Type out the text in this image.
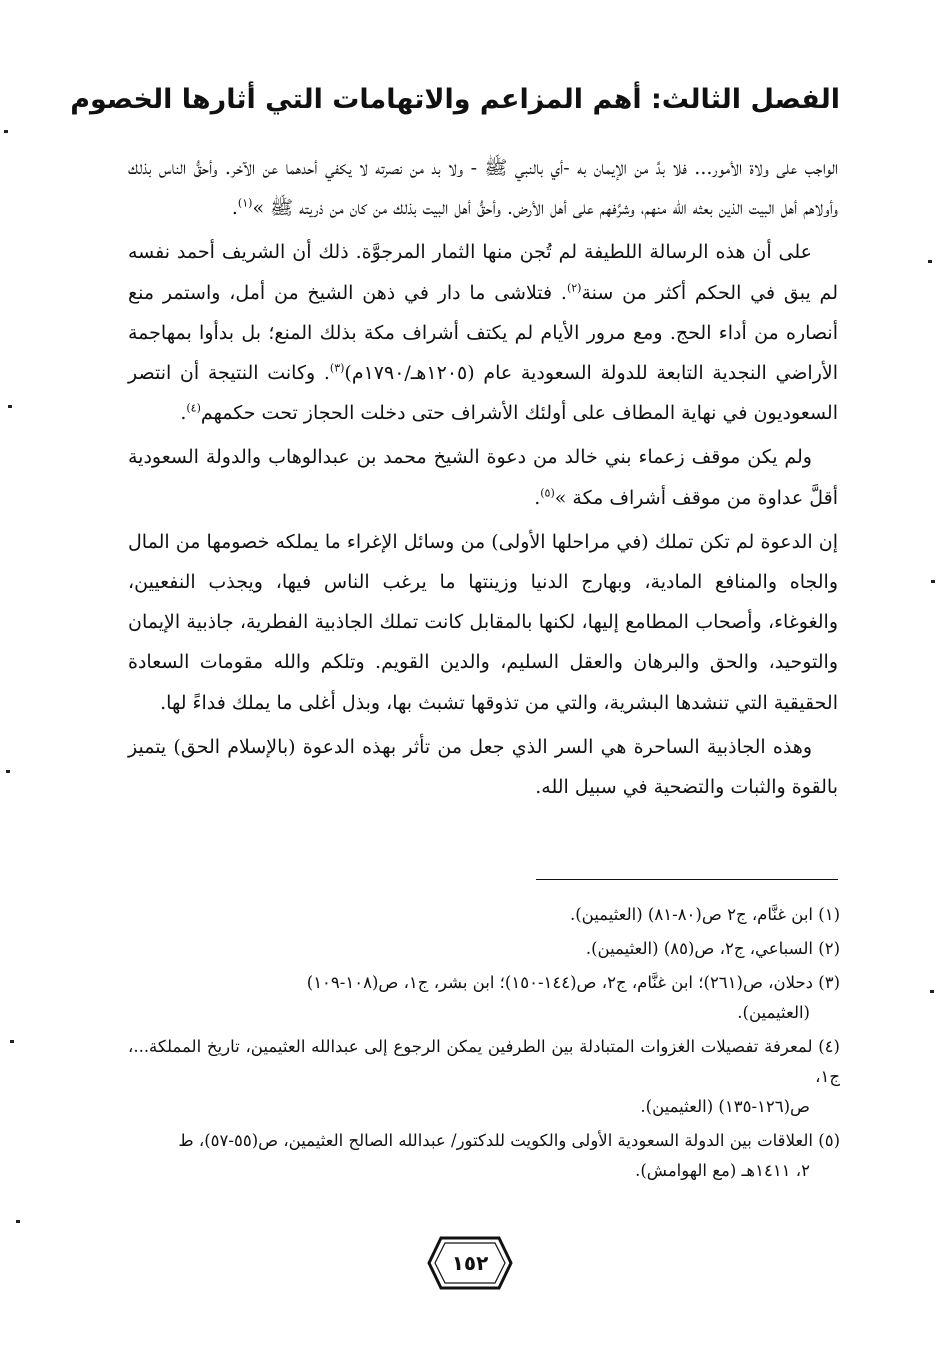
الفصل الثالث: أهم المزاعم والاتهامات التي أثارها الخصوم

الواجب على ولاة الأمور... فلا بدَّ من الإيمان به -أي بالنبي ﷺ - ولا بد من نصرته لا يكفي أحدهما عن الآخر. وأحقُّ الناس بذلك وأولاهم أهل البيت الذين بعثه الله منهم، وشرَّفهم على أهل الأرض. وأحقُّ أهل البيت بذلك من كان من ذريته ﷺ »$^{(١)}$.

على أن هذه الرسالة اللطيفة لم تُجن منها الثمار المرجوَّة. ذلك أن الشريف أحمد نفسه لم يبق في الحكم أكثر من سنة$^{(٢)}$. فتلاشى ما دار في ذهن الشيخ من أمل، واستمر منع أنصاره من أداء الحج. ومع مرور الأيام لم يكتف أشراف مكة بذلك المنع؛ بل بدأوا بمهاجمة الأراضي النجدية التابعة للدولة السعودية عام (١٢٠٥هـ/١٧٩٠م)$^{(٣)}$. وكانت النتيجة أن انتصر السعوديون في نهاية المطاف على أولئك الأشراف حتى دخلت الحجاز تحت حكمهم$^{(٤)}$.

ولم يكن موقف زعماء بني خالد من دعوة الشيخ محمد بن عبدالوهاب والدولة السعودية أقلَّ عداوة من موقف أشراف مكة »$^{(٥)}$.

إن الدعوة لم تكن تملك (في مراحلها الأولى) من وسائل الإغراء ما يملكه خصومها من المال والجاه والمنافع المادية، وبهارج الدنيا وزينتها ما يرغب الناس فيها، ويجذب النفعيين، والغوغاء، وأصحاب المطامع إليها، لكنها بالمقابل كانت تملك الجاذبية الفطرية، جاذبية الإيمان والتوحيد، والحق والبرهان والعقل السليم، والدين القويم. وتلكم والله مقومات السعادة الحقيقية التي تنشدها البشرية، والتي من تذوقها تشبث بها، وبذل أغلى ما يملك فداءً لها.

وهذه الجاذبية الساحرة هي السر الذي جعل من تأثر بهذه الدعوة (بالإسلام الحق) يتميز بالقوة والثبات والتضحية في سبيل الله.

(١) ابن غنَّام، ج٢ ص(٨٠-٨١) (العثيمين).
(٢) السباعي، ج٢، ص(٨٥) (العثيمين).
(٣) دحلان، ص(٢٦١)؛ ابن غنَّام، ج٢، ص(١٤٤-١٥٠)؛ ابن بشر، ج١، ص(١٠٨-١٠٩)
(العثيمين).
(٤) لمعرفة تفصيلات الغزوات المتبادلة بين الطرفين يمكن الرجوع إلى عبدالله العثيمين، تاريخ المملكة...، ج١،
ص(١٢٦-١٣٥) (العثيمين).
(٥) العلاقات بين الدولة السعودية الأولى والكويت للدكتور/ عبدالله الصالح العثيمين، ص(٥٥-٥٧)، ط
٢، ١٤١١هـ (مع الهوامش).
١٥٢
